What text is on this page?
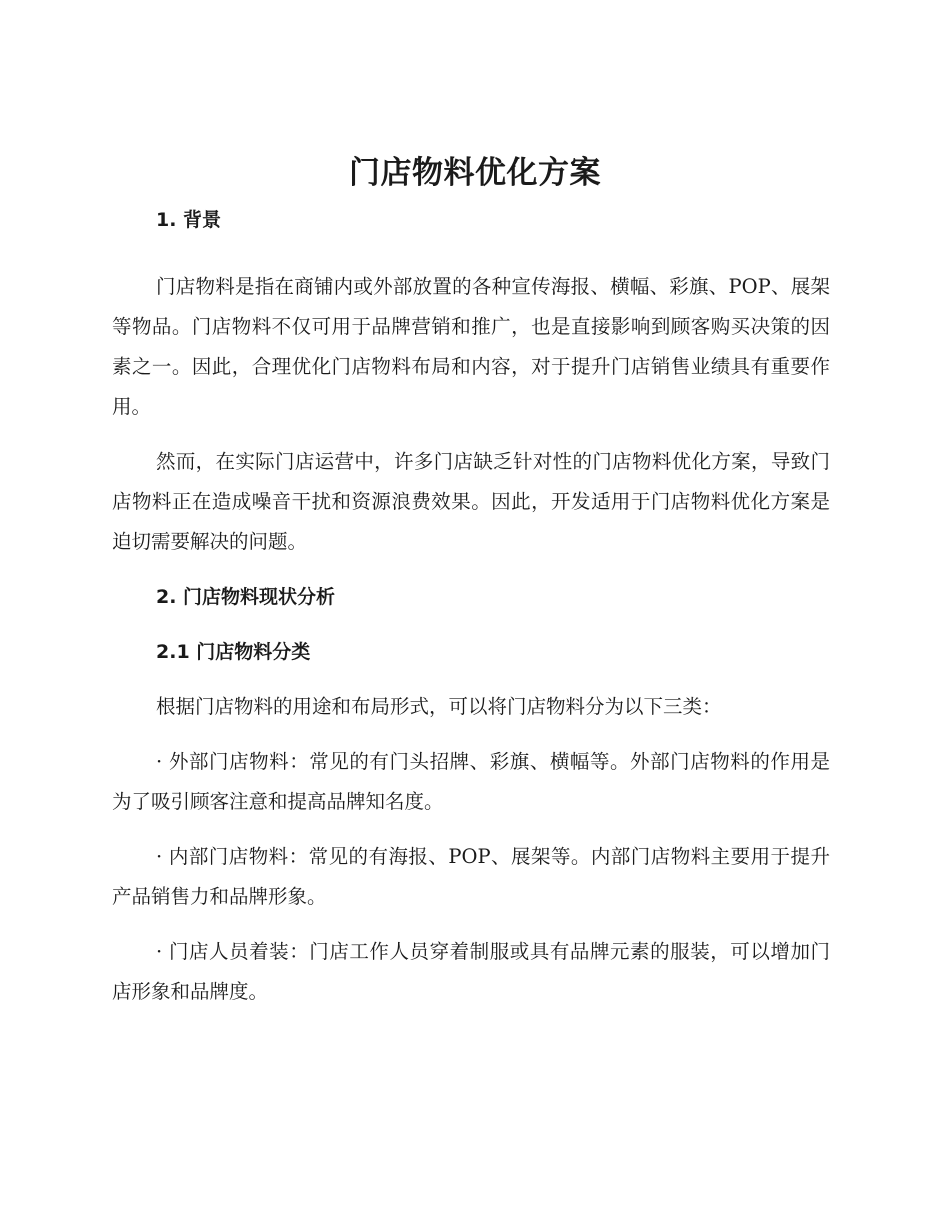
门店物料优化方案
1. 背景

门店物料是指在商铺内或外部放置的各种宣传海报、横幅、彩旗、POP、展架等物品。门店物料不仅可用于品牌营销和推广，也是直接影响到顾客购买决策的因素之一。因此，合理优化门店物料布局和内容，对于提升门店销售业绩具有重要作用。

然而，在实际门店运营中，许多门店缺乏针对性的门店物料优化方案，导致门店物料正在造成噪音干扰和资源浪费效果。因此，开发适用于门店物料优化方案是迫切需要解决的问题。

2. 门店物料现状分析
2.1 门店物料分类

根据门店物料的用途和布局形式，可以将门店物料分为以下三类：

· 外部门店物料：常见的有门头招牌、彩旗、横幅等。外部门店物料的作用是为了吸引顾客注意和提高品牌知名度。

· 内部门店物料：常见的有海报、POP、展架等。内部门店物料主要用于提升产品销售力和品牌形象。

· 门店人员着装：门店工作人员穿着制服或具有品牌元素的服装，可以增加门店形象和品牌度。
